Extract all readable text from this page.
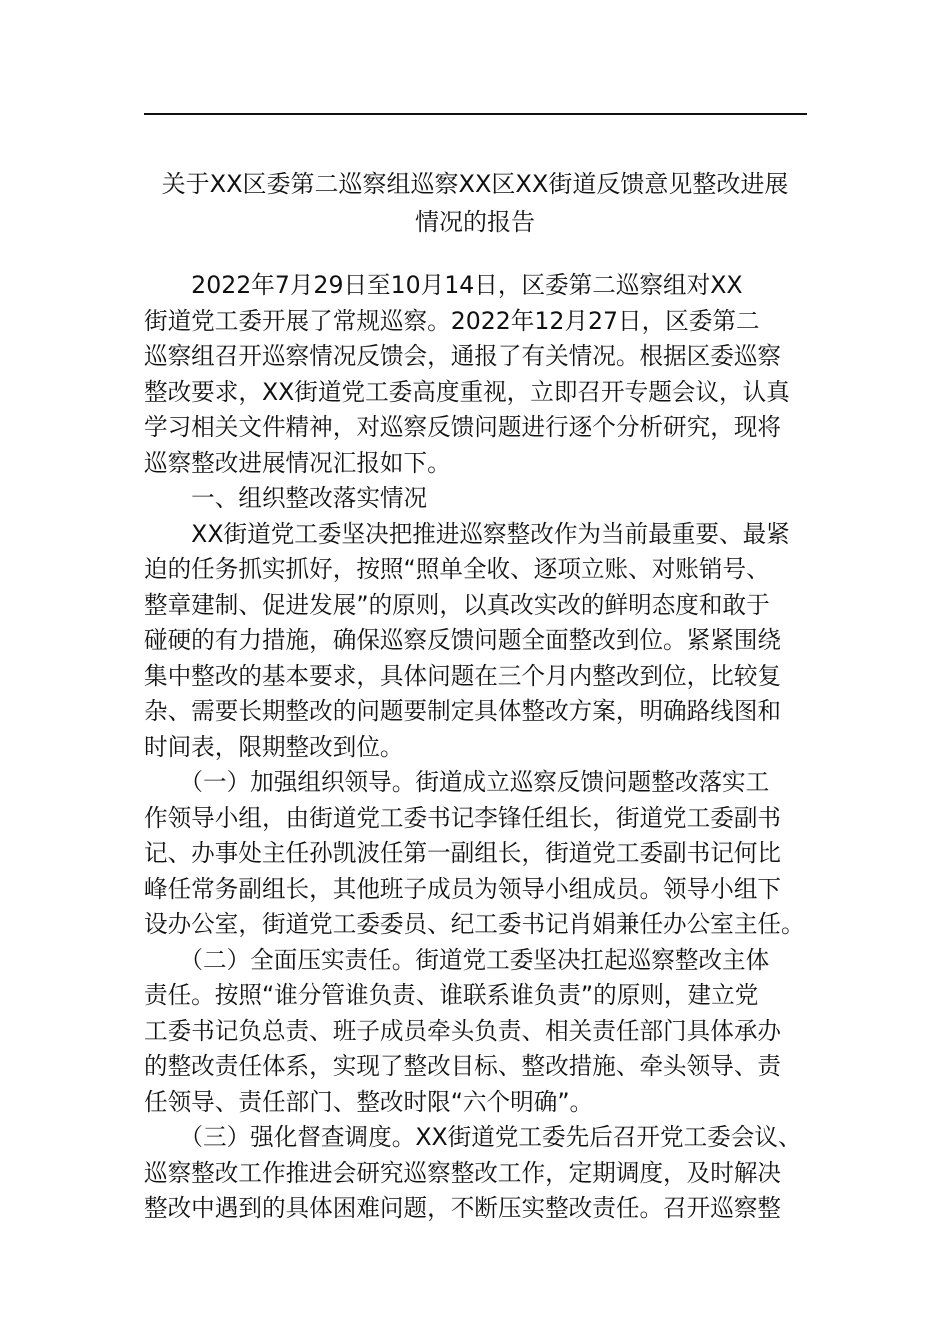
关于XX区委第二巡察组巡察XX区XX街道反馈意见整改进展
情况的报告

　　2022年7月29日至10月14日，区委第二巡察组对XX
街道党工委开展了常规巡察。2022年12月27日，区委第二
巡察组召开巡察情况反馈会，通报了有关情况。根据区委巡察
整改要求，XX街道党工委高度重视，立即召开专题会议，认真
学习相关文件精神，对巡察反馈问题进行逐个分析研究，现将
巡察整改进展情况汇报如下。

　　一、组织整改落实情况

　　XX街道党工委坚决把推进巡察整改作为当前最重要、最紧
迫的任务抓实抓好，按照“照单全收、逐项立账、对账销号、
整章建制、促进发展”的原则，以真改实改的鲜明态度和敢于
碰硬的有力措施，确保巡察反馈问题全面整改到位。紧紧围绕
集中整改的基本要求，具体问题在三个月内整改到位，比较复
杂、需要长期整改的问题要制定具体整改方案，明确路线图和
时间表，限期整改到位。

　　（一）加强组织领导。街道成立巡察反馈问题整改落实工
作领导小组，由街道党工委书记李锋任组长，街道党工委副书
记、办事处主任孙凯波任第一副组长，街道党工委副书记何比
峰任常务副组长，其他班子成员为领导小组成员。领导小组下
设办公室，街道党工委委员、纪工委书记肖娟兼任办公室主任。

　　（二）全面压实责任。街道党工委坚决扛起巡察整改主体
责任。按照“谁分管谁负责、谁联系谁负责”的原则，建立党
工委书记负总责、班子成员牵头负责、相关责任部门具体承办
的整改责任体系，实现了整改目标、整改措施、牵头领导、责
任领导、责任部门、整改时限“六个明确”。

　　（三）强化督查调度。XX街道党工委先后召开党工委会议、
巡察整改工作推进会研究巡察整改工作，定期调度，及时解决
整改中遇到的具体困难问题，不断压实整改责任。召开巡察整
